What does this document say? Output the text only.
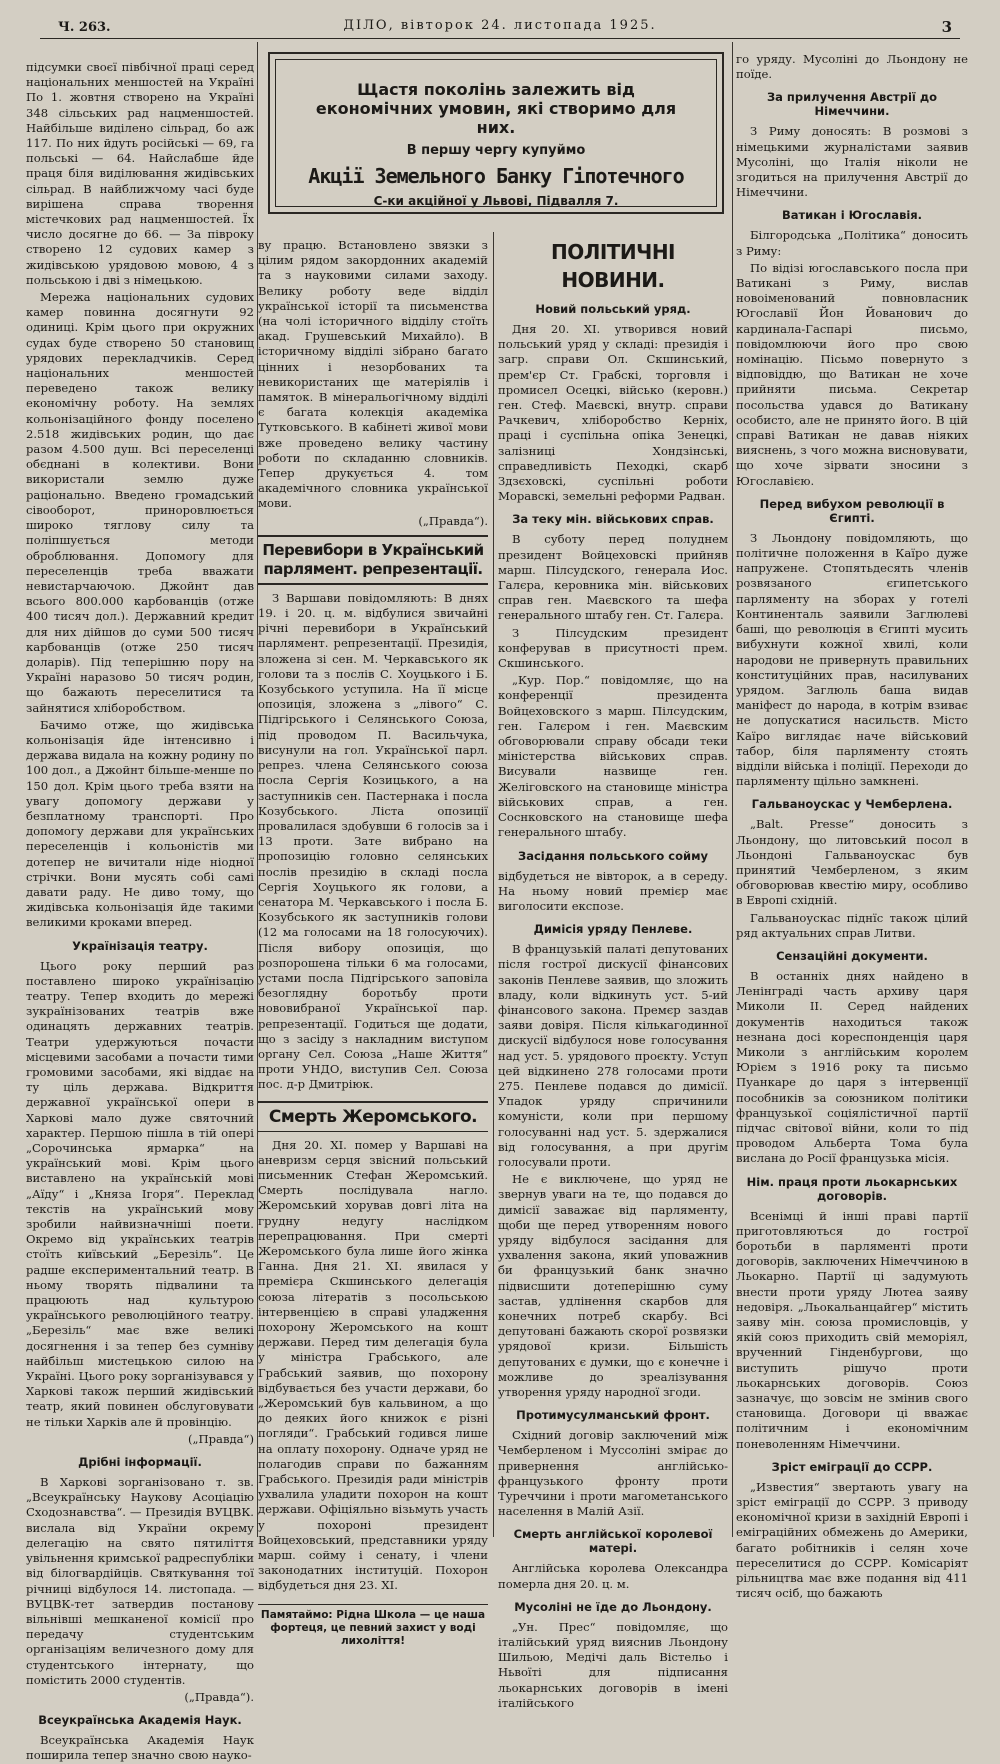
Ч. 263.	ДІЛО, вівторок 24. листопада 1925.	3
Щастя поколінь залежить від економічних умовин, які створимо для них.
В першу чергу купуймо
Акції Земельного Банку Гіпотечного
С-ки акційної у Львові, Підвалля 7.

підсумки своєї півбічної праці серед національних меншостей на Україні По 1. жовтня створено на Україні 348 сільських рад нацменшостей. Найбільше виділено сільрад, бо аж 117. По них йдуть російські — 69, га польські — 64. Найслабше йде праця біля виділювання жидівських сільрад. В найближчому часі буде вирішена справа творення містечкових рад нацменшостей. Їх число досягне до 66. — За півроку створено 12 судових камер з жидівською урядовою мовою, 4 з польською і дві з німецькою.

Мережа національних судових камер повинна досягнути 92 одиниці. Крім цього при окружних судах буде створено 50 становищ урядових перекладчиків. Серед національних меншостей переведено також велику економічну роботу. На землях кольонізаційного фонду поселено 2.518 жидівських родин, що дає разом 4.500 душ. Всі переселенці обєднані в колективи. Вони використали землю дуже раціонально. Введено громадський сівооборот, приноровлюється широко тяглову силу та поліпшується методи оброблювання. Допомогу для переселенців треба вважати невистарчаючою. Джойнт дав всього 800.000 карбованців (отже 400 тисяч дол.). Державний кредит для них дійшов до суми 500 тисяч карбованців (отже 250 тисяч доларів). Під теперішню пору на Україні наразово 50 тисяч родин, що бажають переселитися та зайнятися хліборобством.

Бачимо отже, що жидівська кольонізація йде інтенсивно і держава видала на кожну родину по 100 дол., а Джойнт більше-менше по 150 дол. Крім цього треба взяти на увагу допомогу держави у безплатному транспорті. Про допомогу держави для українських переселенців і кольоністів ми дотепер не вичитали ніде ніодної стрічки. Вони мусять собі самі давати раду. Не диво тому, що жидівська кольонізація йде такими великими кроками вперед.

Українізація театру.

Цього року перший раз поставлено широко українізацію театру. Тепер входить до мережі зукраїнізованих театрів вже одинацять державних театрів. Театри удержуються почасти місцевими засобами а почасти тими громовими засобами, які віддає на ту ціль держава. Відкриття державної української опери в Харкові мало дуже святочний характер. Першою пішла в тій опері „Сорочинська ярмарка“ на український мові. Крім цього виставлено на українській мові „Аїду“ і „Княза Ігоря“. Переклад текстів на український мову зробили найвизначніші поети. Окремо від українських театрів стоїть київський „Березіль“. Це радше експериментальний театр. В ньому творять підвалини та працюють над культурою українського революційного театру. „Березіль“ має вже великі досягнення і за тепер без сумніву найбільш мистецькою силою на Україні. Цього року зорганізувався у Харкові також перший жидівський театр, який повинен обслуговувати не тільки Харків але й провінцію.

(„Правда“)

Дрібні інформації.

В Харкові зорганізовано т. зв. „Всеукраїнську Наукову Асоціацію Сходознавства“. — Президія ВУЦВК. вислала від України окрему делегацію на свято пятиліття увільнення кримської радреспубліки від білогвардійців. Святкування тої річниці відбулося 14. листопада. — ВУЦВК-тет затвердив постанову вільнівші мешканеної комісії про передачу студентським організаціям величезного дому для студентського інтернату, що помістить 2000 студентів.

(„Правда“).

Всеукраїнська Академія Наук.

Всеукраїнська Академія Наук поширила тепер значно свою науко-

ву працю. Встановлено звязки з цілим рядом закордонних академій та з науковими силами заходу. Велику роботу веде відділ української історії та письменства (на чолі історичного відділу стоїть акад. Грушевський Михайло). В історичному відділі зібрано багато цінних і незорбованих та невикористаних ще матеріялів і памяток. В мінеральогічному відділі є багата колекція академіка Тутковського. В кабінеті живої мови вже проведено велику частину роботи по складанню словників. Тепер друкується 4. том академічного словника української мови.

(„Правда“).

Перевибори в Український парлямент. репрезентації.

З Варшави повідомляють: В днях 19. і 20. ц. м. відбулися звичайні річні перевибори в Український парлямент. репрезентації. Президія, зложена зі сен. М. Черкавського як голови та з послів С. Хоуцького і Б. Козубського уступила. На її місце опозиція, зложена з „лівого“ С. Підгірського і Селянського Союза, під проводом П. Васильчука, висунули на гол. Української парл. репрез. члена Селянського союза посла Сергія Козицького, а на заступників сен. Пастернака і посла Козубського. Ліста опозиції провалилася здобувши 6 голосів за і 13 проти. Зате вибрано на пропозицію головно селянських послів президію в складі посла Сергія Хоуцького як голови, а сенатора М. Черкавського і посла Б. Козубського як заступників голови (12 ма голосами на 18 голосуючих). Після вибору опозиція, що розпорошена тільки 6 ма голосами, устами посла Підгірського заповіла безоглядну боротьбу проти нововибраної Української пар. репрезентації. Годиться ще додати, що з засіду з накладним виступом органу Сел. Союза „Наше Життя“ проти УНДО, виступив Сел. Союза пос. д-р Дмитріюк.

Смерть Жеромського.

Дня 20. XI. помер у Варшаві на аневризм серця звісний польський письменник Стефан Жеромський. Смерть послідувала нагло. Жеромський хорував довгі літа на грудну недугу наслідком перепрацювання. При смерті Жеромського була лише його жінка Ганна. Дня 21. XI. явилася у премієра Скшинського делегація союза літератів з посольською інтервенцією в справі уладження похорону Жеромського на кошт держави. Перед тим делегація була у міністра Грабського, але Грабський заявив, що похорону відбувається без участи держави, бо „Жеромський був кальвином, а що до деяких його книжок є різні погляди“. Грабський годився лише на оплату похорону. Одначе уряд не полагодив справи по бажанням Грабського. Президія ради міністрів ухвалила уладити похорон на кошт держави. Офіціяльно візьмуть участь у похороні президент Войцеховський, представники уряду марш. сойму і сенату, і члени законодатних інституцій. Похорон відбудеться дня 23. XI.

Памятаймо: Рідна Школа — це наша фортеця, це певний захист у воді лихоліття!
ПОЛІТИЧНІ НОВИНИ.
Новий польський уряд.

Дня 20. XI. утворився новий польський уряд у складі: президія і загр. справи Ол. Скшинський, прем'єр Ст. Грабскі, торговля і промисел Осецкі, військо (керовн.) ген. Стеф. Маєвскі, внутр. справи Рачкевич, хліборобство Керніх, праці і суспільна опіка Зенецкі, залізниці Хондзінські, справедливість Пеходкі, скарб Здзєховскі, суспільні роботи Моравскі, земельні реформи Радван.

За теку мін. військових справ.

В суботу перед полуднем президент Войцеховскі прийняв марш. Пілсудского, генерала Иос. Галєра, керовника мін. військових справ ген. Маєвского та шефа генерального штабу ген. Ст. Галєра.

З Пілсудским президент конферував в присутності прем. Скшинського.

„Кур. Пор.“ повідомляє, що на конференції президента Войцеховского з марш. Пілсудским, ген. Галєром і ген. Маєвским обговорювали справу обсади теки міністерства військових справ. Висували назвище ген. Желіговского на становище міністра військових справ, а ген. Соснковского на становище шефа генерального штабу.

Засідання польського сойму

відбудеться не вівторок, а в середу. На ньому новий премієр має виголосити експозе.

Димісія уряду Пенлеве.

В французькій палаті депутованих після гострої дискусії фінансових законів Пенлеве заявив, що зложить владу, коли відкинуть уст. 5-ий фінансового закона. Премєр заздав заяви довіря. Після кількагодинної дискусії відбулося нове голосування над уст. 5. урядового проєкту. Уступ цей відкинено 278 голосами проти 275. Пенлеве подався до димісії. Упадок уряду спричинили комуністи, коли при першому голосуванні над уст. 5. здержалися від голосування, а при другім голосували проти.

Не є виключене, що уряд не звернув уваги на те, що подався до димісії заважає від парляменту, щоби ще перед утворенням нового уряду відбулося засідання для ухвалення закона, який уповажнив би французький банк значно підвисшити дотеперішню суму застав, удлінення скарбов для конечних потреб скарбу. Всі депутовані бажають скорої розвязки урядової кризи. Більшість депутованих є думки, що є конечне і можливе до зреалізування утворення уряду народної згоди.

Протимусулманський фронт.

Східний договір заключений між Чемберленом і Муссоліні змірає до привернення англійсько-французького фронту проти Туреччини і проти магометанського населення в Малій Азії.

Смерть англійської королевої матері.

Англійська королева Олександра померла дня 20. ц. м.

Мусоліні не їде до Льондону.

„Ун. Прес“ повідомляє, що італійський уряд вияснив Льондону Шильою, Медічі даль Вістельо і Ньвоїті для підписання льокарнських договорів в імені італійського

го уряду. Мусоліні до Льондону не поїде.

За прилучення Австрії до Німеччини.

З Риму доносять: В розмові з німецькими журналістами заявив Мусоліні, що Італія ніколи не згодиться на прилучення Австрії до Німеччини.

Ватикан і Югославія.

Білгородська „Політика“ доносить з Риму:

По відізі югославського посла при Ватикані з Риму, вислав новоіменований повновласник Югославії Йон Йованович до кардинала-Гаспарі письмо, повідомлюючи його про свою номінацію. Пісьмо повернуто з відповіддю, що Ватикан не хоче прийняти письма. Секретар посольства удався до Ватикану особисто, але не принято його. В цій справі Ватикан не давав ніяких вияснень, з чого можна висновувати, що хоче зірвати зносини з Югославією.

Перед вибухом революції в Єгипті.

З Льондону повідомляють, що політичне положення в Каїро дуже напружене. Стопятьдесять членів розвязаного єгипетського парляменту на зборах у готелі Континенталь заявили Заглюлеві баші, що революція в Єгипті мусить вибухнути кожної хвилі, коли народови не привернуть правильних конституційних прав, насилуваних урядом. Заглюль баша видав маніфест до народа, в котрім взиває не допускатися насильств. Місто Каїро виглядає наче військовий табор, біля парляменту стоять відділи війська і поліції. Переходи до парляменту щільно замкнені.

Гальваноускас у Чемберлена.

„Balt. Presse“ доносить з Льондону, що литовський посол в Льондоні Гальваноускас був принятий Чемберленом, з яким обговорював квестію миру, особливо в Европі східній.

Гальваноускас піднїс також цілий ряд актуальних справ Литви.

Сензаційні документи.

В останніх днях найдено в Ленінграді часть архиву царя Миколи II. Серед найдених документів находиться також незнана досі кореспонденція царя Миколи з англійським королем Юрієм з 1916 року та письмо Пуанкаре до царя з інтервенції пособників за союзником політики французької соціялістичної партії підчас світової війни, коли то під проводом Альберта Тома була вислана до Росії французька місія.

Нім. праця проти льокарнських договорів.

Всенімці й інші праві партії приготовляються до гострої боротьби в парляменті проти договорів, заключених Німеччиною в Льокарно. Партії ці задумують внести проти уряду Лютеа заяву недовіря. „Льокальанцайгер“ містить заяву мін. союза промисловців, у якій союз приходить свій меморіял, врученний Гінденбургови, що виступить рішучо проти льокарнських договорів. Союз зазначує, що зовсім не змінив свого становища. Договори ці вважає політичним і економічним поневоленням Німеччини.

Зріст еміграції до ССРР.

„Известия“ звертають увагу на зріст еміграції до ССРР. З приводу економічної кризи в західній Европі і еміграційних обмежень до Америки, багато робітників і селян хоче переселитися до ССРР. Комісаріят рільництва має вже подання від 411 тисяч осіб, що бажають
